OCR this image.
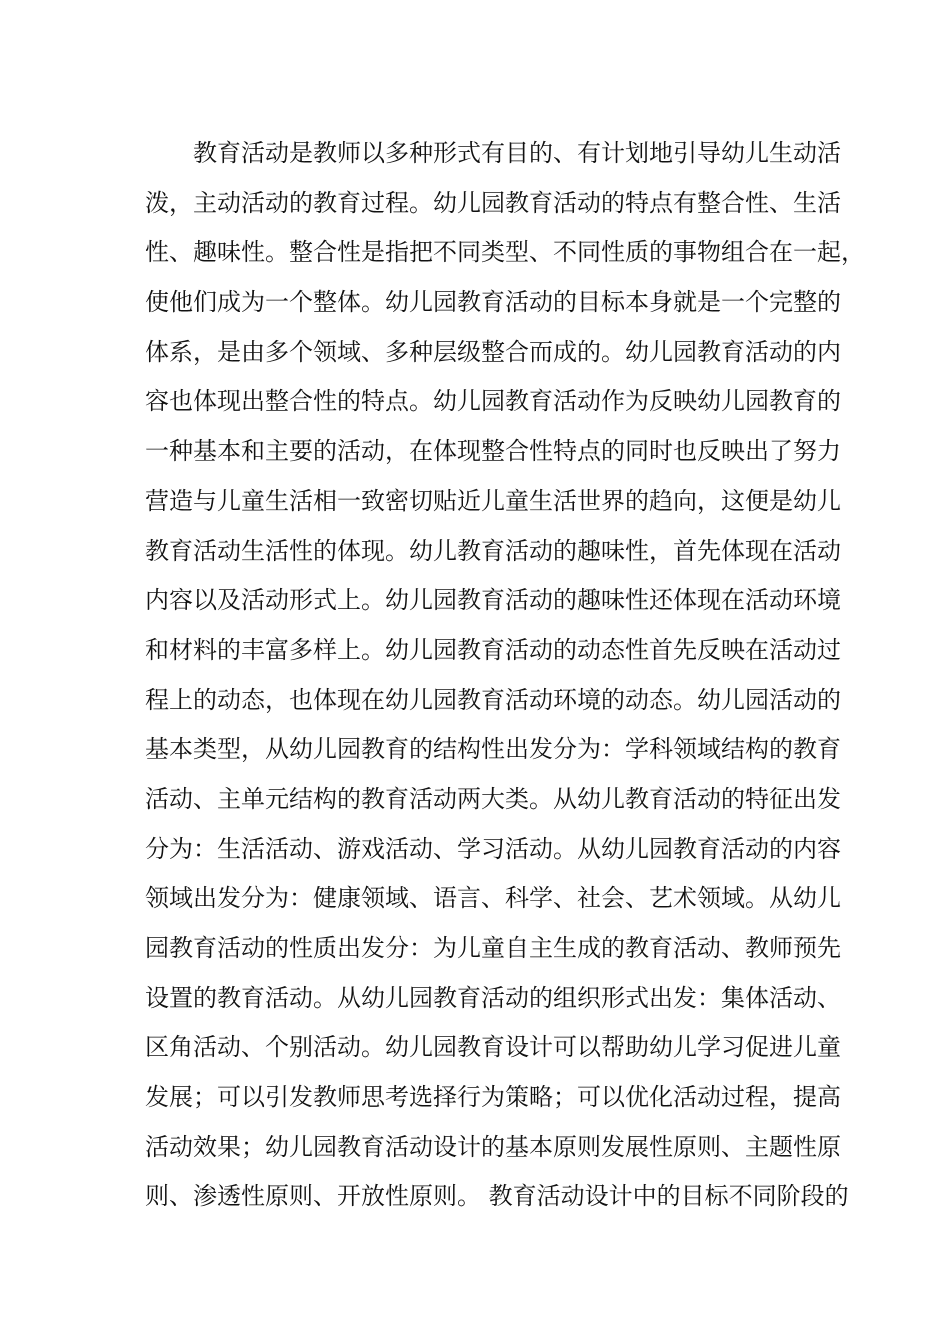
教育活动是教师以多种形式有目的、有计划地引导幼儿生动活
泼，主动活动的教育过程。幼儿园教育活动的特点有整合性、生活
性、趣味性。整合性是指把不同类型、不同性质的事物组合在一起，
使他们成为一个整体。幼儿园教育活动的目标本身就是一个完整的
体系，是由多个领域、多种层级整合而成的。幼儿园教育活动的内
容也体现出整合性的特点。幼儿园教育活动作为反映幼儿园教育的
一种基本和主要的活动，在体现整合性特点的同时也反映出了努力
营造与儿童生活相一致密切贴近儿童生活世界的趋向，这便是幼儿
教育活动生活性的体现。幼儿教育活动的趣味性，首先体现在活动
内容以及活动形式上。幼儿园教育活动的趣味性还体现在活动环境
和材料的丰富多样上。幼儿园教育活动的动态性首先反映在活动过
程上的动态，也体现在幼儿园教育活动环境的动态。幼儿园活动的
基本类型，从幼儿园教育的结构性出发分为：学科领域结构的教育
活动、主单元结构的教育活动两大类。从幼儿教育活动的特征出发
分为：生活活动、游戏活动、学习活动。从幼儿园教育活动的内容
领域出发分为：健康领域、语言、科学、社会、艺术领域。从幼儿
园教育活动的性质出发分：为儿童自主生成的教育活动、教师预先
设置的教育活动。从幼儿园教育活动的组织形式出发：集体活动、
区角活动、个别活动。幼儿园教育设计可以帮助幼儿学习促进儿童
发展；可以引发教师思考选择行为策略；可以优化活动过程，提高
活动效果；幼儿园教育活动设计的基本原则发展性原则、主题性原
则、渗透性原则、开放性原则。 教育活动设计中的目标不同阶段的
